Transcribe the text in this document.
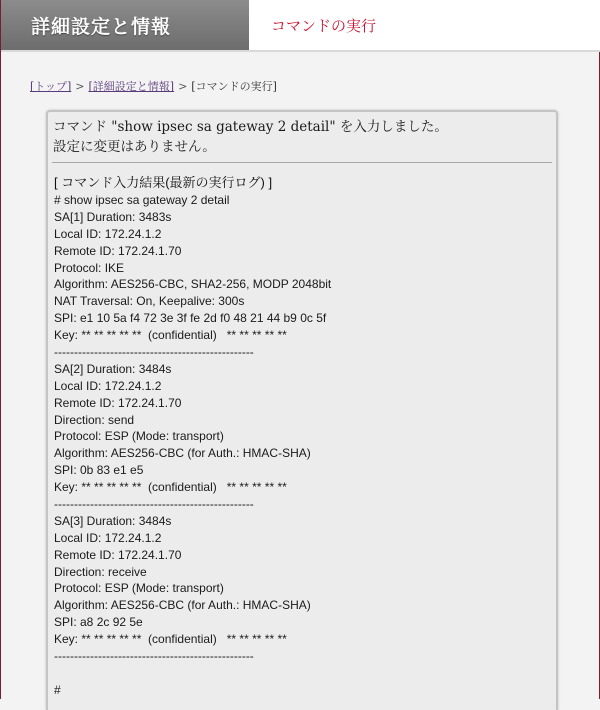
詳細設定と情報	コマンドの実行
[トップ] > [詳細設定と情報] > [コマンドの実行]
コマンド "show ipsec sa gateway 2 detail" を入力しました。
設定に変更はありません。
[ コマンド入力結果(最新の実行ログ) ]
# show ipsec sa gateway 2 detail
SA[1] Duration: 3483s
Local ID: 172.24.1.2
Remote ID: 172.24.1.70
Protocol: IKE
Algorithm: AES256-CBC, SHA2-256, MODP 2048bit
NAT Traversal: On, Keepalive: 300s
SPI: e1 10 5a f4 72 3e 3f fe 2d f0 48 21 44 b9 0c 5f
Key: ** ** ** ** **  (confidential)   ** ** ** ** **
--------------------------------------------------
SA[2] Duration: 3484s
Local ID: 172.24.1.2
Remote ID: 172.24.1.70
Direction: send
Protocol: ESP (Mode: transport)
Algorithm: AES256-CBC (for Auth.: HMAC-SHA)
SPI: 0b 83 e1 e5
Key: ** ** ** ** **  (confidential)   ** ** ** ** **
--------------------------------------------------
SA[3] Duration: 3484s
Local ID: 172.24.1.2
Remote ID: 172.24.1.70
Direction: receive
Protocol: ESP (Mode: transport)
Algorithm: AES256-CBC (for Auth.: HMAC-SHA)
SPI: a8 2c 92 5e
Key: ** ** ** ** **  (confidential)   ** ** ** ** **
--------------------------------------------------
#
